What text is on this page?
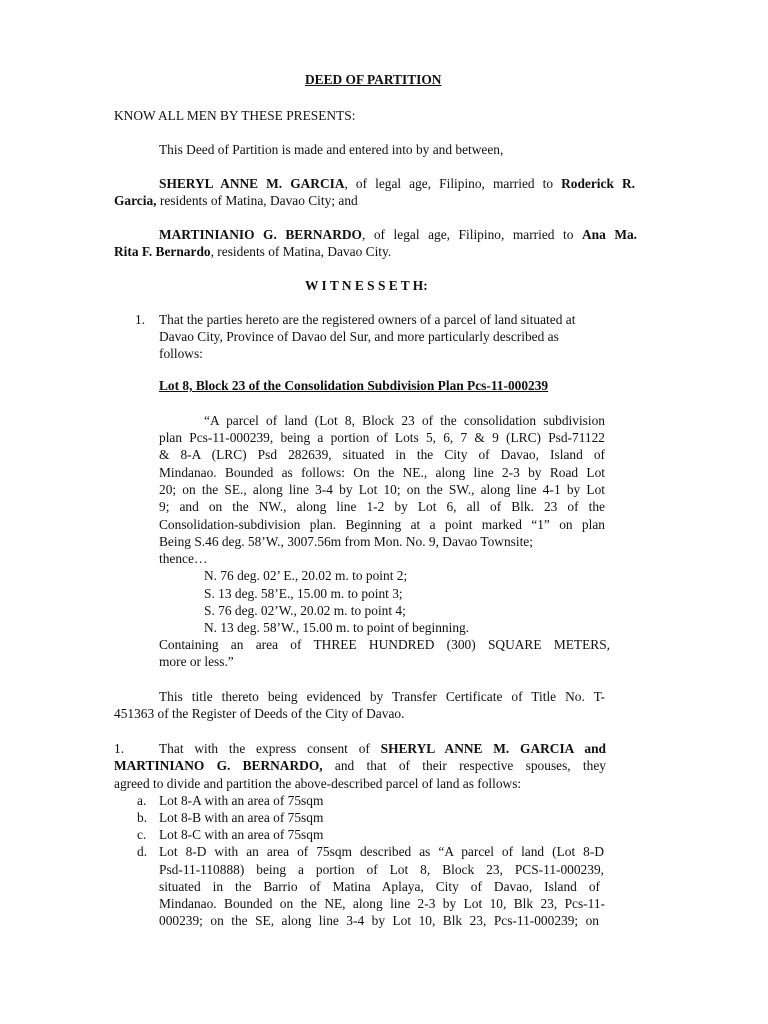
DEED OF PARTITION
KNOW ALL MEN BY THESE PRESENTS:
This Deed of Partition is made and entered into by and between,
SHERYL ANNE M. GARCIA, of legal age, Filipino, married to Roderick R.
Garcia, residents of Matina, Davao City; and
MARTINIANIO G. BERNARDO, of legal age, Filipino, married to Ana Ma.
Rita F. Bernardo, residents of Matina, Davao City.
W I T N E S S E T H:
1. That the parties hereto are the registered owners of a parcel of land situated at
Davao City, Province of Davao del Sur, and more particularly described as
follows:
Lot 8, Block 23 of the Consolidation Subdivision Plan Pcs-11-000239
“A parcel of land (Lot 8, Block 23 of the consolidation subdivision
plan Pcs-11-000239, being a portion of Lots 5, 6, 7 & 9 (LRC) Psd-71122
& 8-A (LRC) Psd 282639, situated in the City of Davao, Island of
Mindanao. Bounded as follows: On the NE., along line 2-3 by Road Lot
20; on the SE., along line 3-4 by Lot 10; on the SW., along line 4-1 by Lot
9; and on the NW., along line 1-2 by Lot 6, all of Blk. 23 of the
Consolidation-subdivision plan. Beginning at a point marked “1” on plan
Being S.46 deg. 58’W., 3007.56m from Mon. No. 9, Davao Townsite;
thence…
N. 76 deg. 02’ E., 20.02 m. to point 2;
S. 13 deg. 58’E., 15.00 m. to point 3;
S. 76 deg. 02’W., 20.02 m. to point 4;
N. 13 deg. 58’W., 15.00 m. to point of beginning.
Containing an area of THREE HUNDRED (300) SQUARE METERS,
more or less.”
This title thereto being evidenced by Transfer Certificate of Title No. T-
451363 of the Register of Deeds of the City of Davao.
1.	That with the express consent of SHERYL ANNE M. GARCIA and
MARTINIANO G. BERNARDO, and that of their respective spouses, they
agreed to divide and partition the above-described parcel of land as follows:
a. Lot 8-A with an area of 75sqm
b. Lot 8-B with an area of 75sqm
c. Lot 8-C with an area of 75sqm
d. Lot 8-D with an area of 75sqm described as “A parcel of land (Lot 8-D
Psd-11-110888) being a portion of Lot 8, Block 23, PCS-11-000239,
situated in the Barrio of Matina Aplaya, City of Davao, Island of
Mindanao. Bounded on the NE, along line 2-3 by Lot 10, Blk 23, Pcs-11-
000239; on the SE, along line 3-4 by Lot 10, Blk 23, Pcs-11-000239; on
